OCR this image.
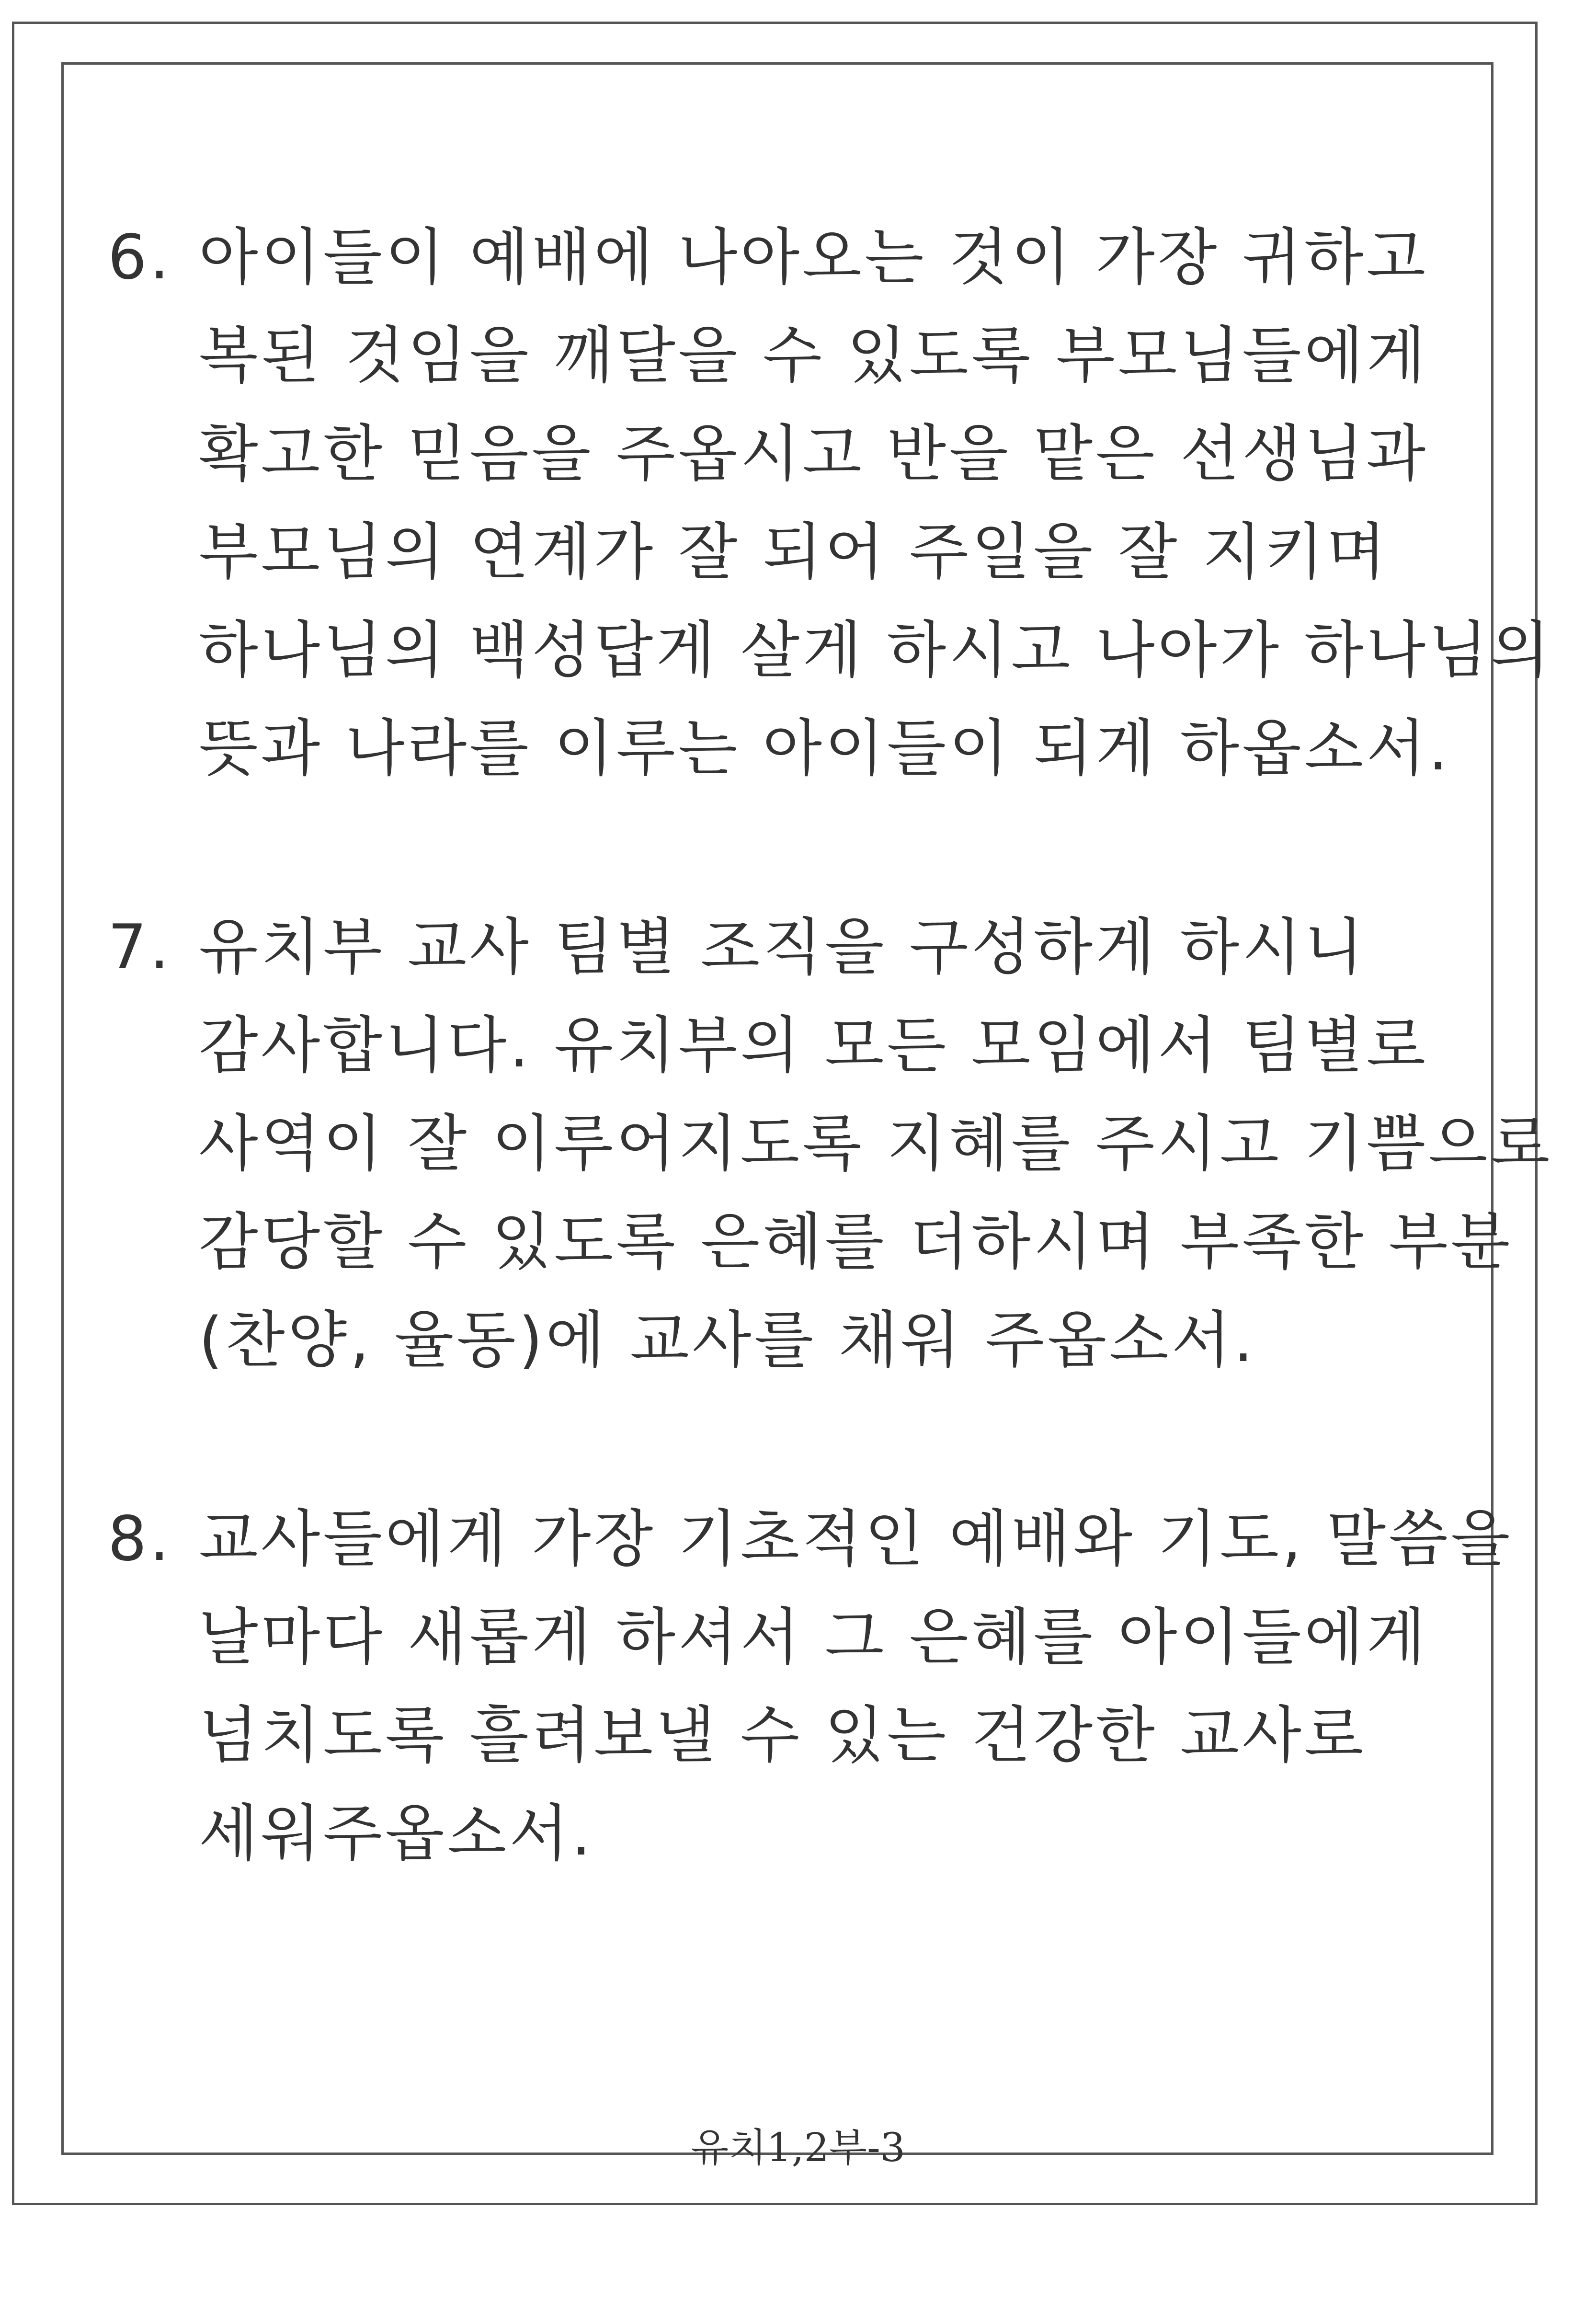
6. 아이들이 예배에 나아오는 것이 가장 귀하고
복된 것임을 깨달을 수 있도록 부모님들에게
확고한 믿음을 주옵시고 반을 맡은 선생님과
부모님의 연계가 잘 되어 주일을 잘 지키며
하나님의 백성답게 살게 하시고 나아가 하나님의
뜻과 나라를 이루는 아이들이 되게 하옵소서.
7. 유치부 교사 팀별 조직을 구성하게 하시니
감사합니다. 유치부의 모든 모임에서 팀별로
사역이 잘 이루어지도록 지혜를 주시고 기쁨으로
감당할 수 있도록 은혜를 더하시며 부족한 부분
(찬양, 율동)에 교사를 채워 주옵소서.
8. 교사들에게 가장 기초적인 예배와 기도, 말씀을
날마다 새롭게 하셔서 그 은혜를 아이들에게
넘치도록 흘려보낼 수 있는 건강한 교사로
세워주옵소서.
유치1,2부-3
